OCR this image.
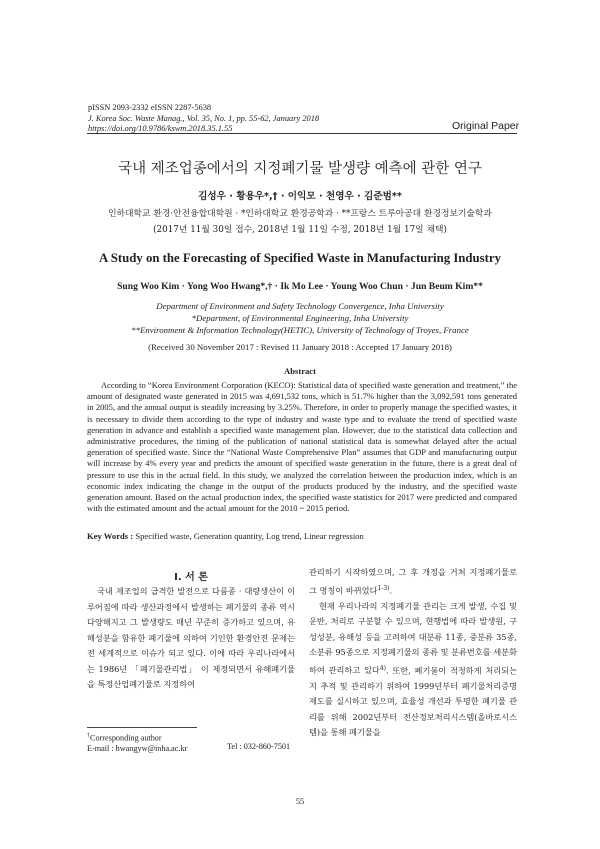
pISSN 2093-2332 eISSN 2287-5638
J. Korea Soc. Waste Manag., Vol. 35, No. 1, pp. 55-62, January 2018
https://doi.org/10.9786/kswm.2018.35.1.55	Original Paper
국내 제조업종에서의 지정폐기물 발생량 예측에 관한 연구
김성우 · 황용우*,† · 이익모 · 천영우 · 김준범**
인하대학교 환경·안전융합대학원 · *인하대학교 환경공학과 · **프랑스 트루아공대 환경정보기술학과
(2017년 11월 30일 접수, 2018년 1월 11일 수정, 2018년 1월 17일 채택)
A Study on the Forecasting of Specified Waste in Manufacturing Industry
Sung Woo Kim · Yong Woo Hwang*,† · Ik Mo Lee · Young Woo Chun · Jun Beum Kim**
Department of Environment and Safety Technology Convergence, Inha University
*Department, of Environmental Engineering, Inha University
**Environment & Information Technology(HETIC), University of Technology of Troyes, France
(Received 30 November 2017 : Revised 11 January 2018 : Accepted 17 January 2018)
Abstract

According to “Korea Environment Corporation (KECO): Statistical data of specified waste generation and treatment,” the amount of designated waste generated in 2015 was 4,691,532 tons, which is 51.7% higher than the 3,092,591 tons generated in 2005, and the annual output is steadily increasing by 3.25%. Therefore, in order to properly manage the specified wastes, it is necessary to divide them according to the type of industry and waste type and to evaluate the trend of specified waste generation in advance and establish a specified waste management plan. However, due to the statistical data collection and administrative procedures, the timing of the publication of national statistical data is somewhat delayed after the actual generation of specified waste. Since the “National Waste Comprehensive Plan” assumes that GDP and manufacturing output will increase by 4% every year and predicts the amount of specified waste generation in the future, there is a great deal of pressure to use this in the actual field. In this study, we analyzed the correlation between the production index, which is an economic index indicating the change in the output of the products produced by the industry, and the specified waste generation amount. Based on the actual production index, the specified waste statistics for 2017 were predicted and compared with the estimated amount and the actual amount for the 2010 ~ 2015 period.

Key Words : Specified waste, Generation quantity, Log trend, Linear regression
I. 서 론

국내 제조업의 급격한 발전으로 다품종 · 대량생산이 이루어짐에 따라 생산과정에서 발생하는 폐기물의 종류 역시 다양해지고 그 발생량도 매년 꾸준히 증가하고 있으며, 유해성분을 함유한 폐기물에 의하여 기인한 환경안전 문제는 전 세계적으로 이슈가 되고 있다. 이에 따라 우리나라에서는 1986년 「폐기물관리법」 이 제정되면서 유해폐기물을 특정산업폐기물로 지정하여

관리하기 시작하였으며, 그 후 개정을 거쳐 지정폐기물로 그 명칭이 바뀌었다$^{1-3)}$.
현재 우리나라의 지정폐기물 관리는 크게 발생, 수집 및 운반, 처리로 구분할 수 있으며, 현행법에 따라 발생원, 구성성분, 유해성 등을 고려하여 대분류 11종, 중분류 35종, 소분류 95종으로 지정폐기물의 종류 및 분류번호를 세분화하여 관리하고 있다$^{4)}$. 또한, 폐기물이 적정하게 처리되는지 추적 및 관리하기 위하여 1999년부터 폐기물처리증명제도를 실시하고 있으며, 효율성 개선과 투명한 폐기물 관리를 위해 2002년부터 전산정보처리시스템(올바로시스템)을 통해 폐기물을
†Corresponding author
E-mail : hwangyw@inha.ac.kr	Tel : 032-860-7501
55
